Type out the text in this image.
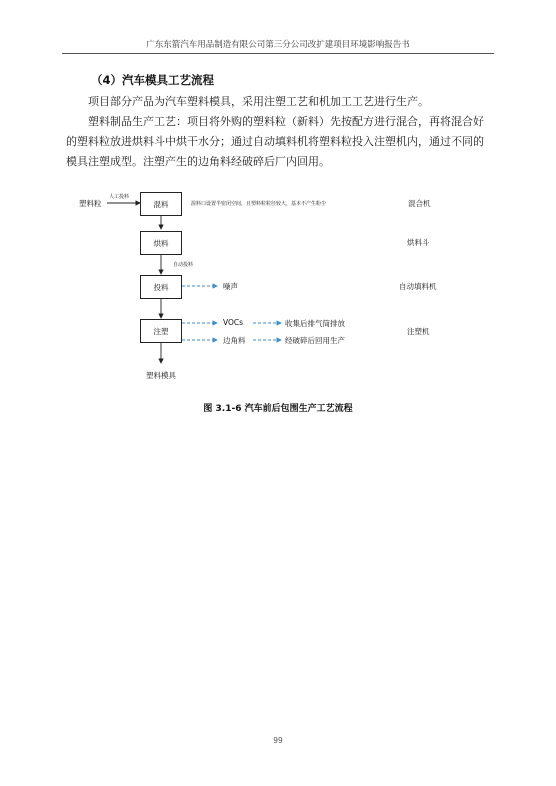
广东东箭汽车用品制造有限公司第三分公司改扩建项目环境影响报告书
（4）汽车模具工艺流程

项目部分产品为汽车塑料模具，采用注塑工艺和机加工工艺进行生产。

塑料制品生产工艺：项目将外购的塑料粒（新料）先按配方进行混合，再将混合好的塑料粒放进烘料斗中烘干水分；通过自动填料机将塑料粒投入注塑机内，通过不同的模具注塑成型。注塑产生的边角料经破碎后厂内回用。

塑料粒
人工投料
混料
烘料
投料
注塑
混料口设置半密闭空间，且塑料粒粒径较大，基本不产生粉尘
自动投料
噪声
VOCs
边角料
收集后排气筒排放
经破碎后回用生产
塑料模具
混合机
烘料斗
自动填料机
注塑机
图 3.1-6 汽车前后包围生产工艺流程
99
